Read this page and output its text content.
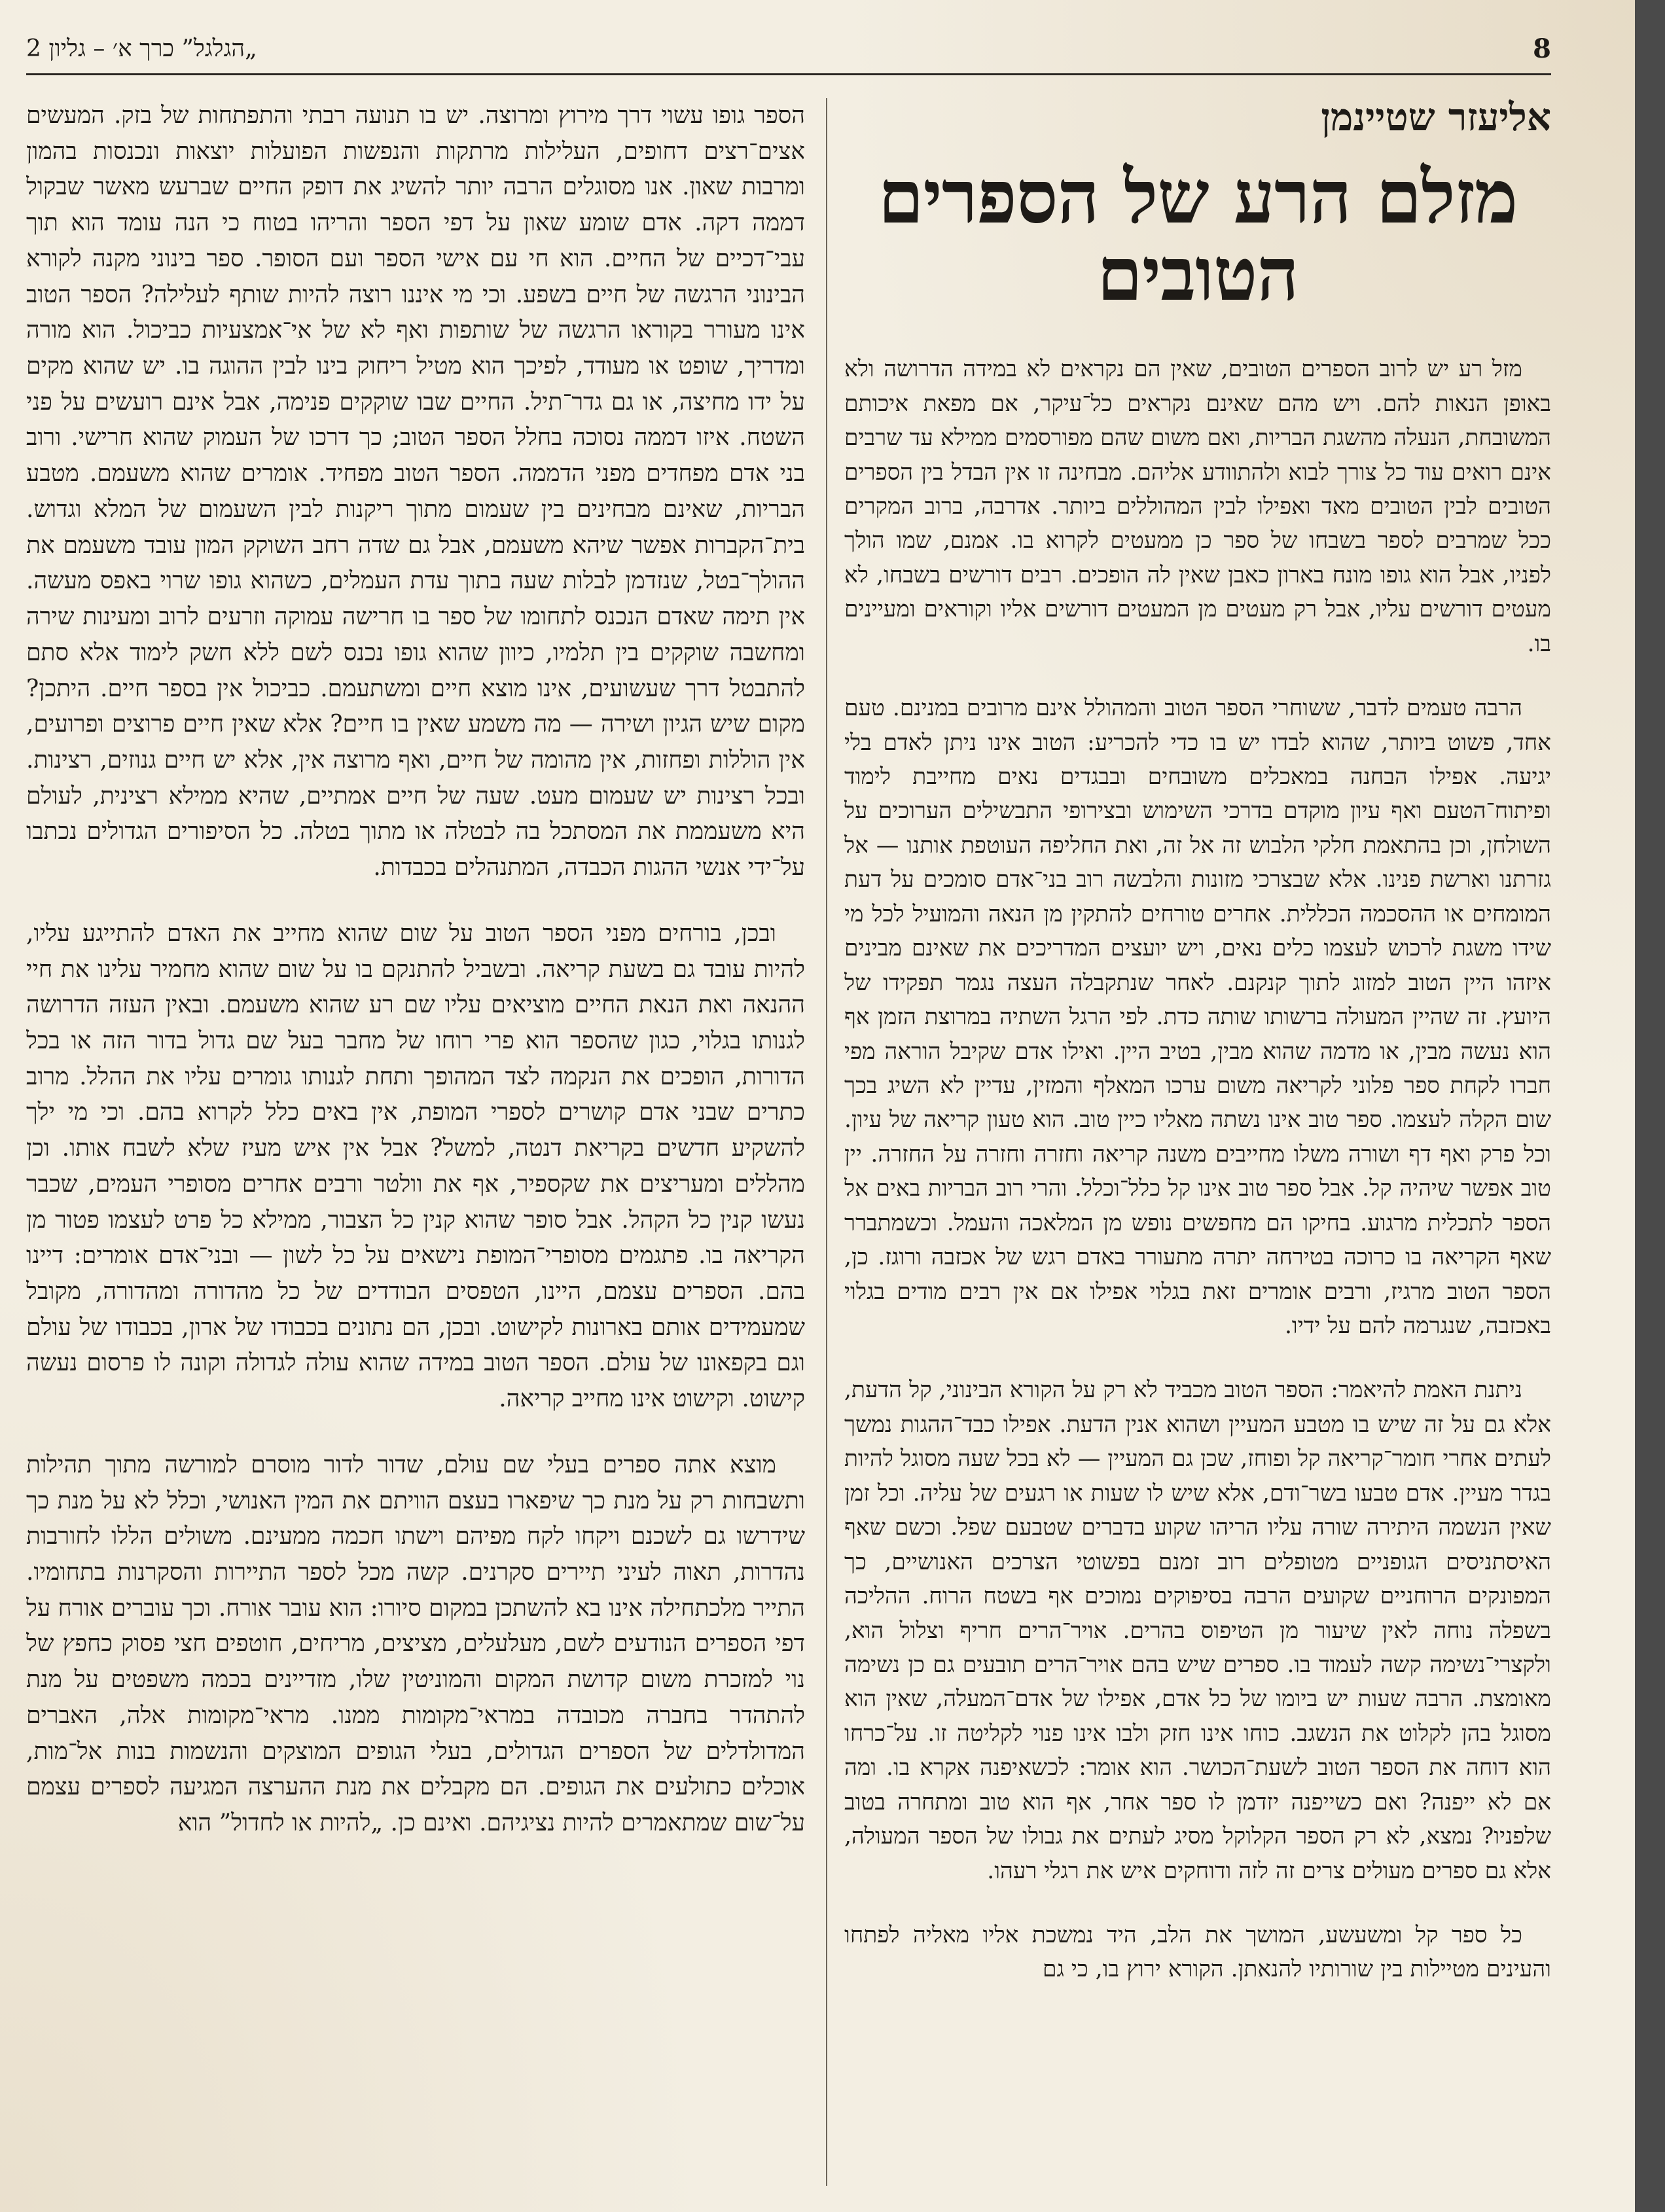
„הגלגל” כרך א׳ – גליון 2	8
אליעזר שטיינמן
מזלם הרע של הספרים הטובים

מזל רע יש לרוב הספרים הטובים, שאין הם נקראים לא במידה הדרושה ולא באופן הנאות להם. ויש מהם שאינם נקראים כל־עיקר, אם מפאת איכותם המשובחת, הנעלה מהשגת הבריות, ואם משום שהם מפורסמים ממילא עד שרבים אינם רואים עוד כל צורך לבוא ולהתוודע אליהם. מבחינה זו אין הבדל בין הספרים הטובים לבין הטובים מאד ואפילו לבין המהוללים ביותר. אדרבה, ברוב המקרים ככל שמרבים לספר בשבחו של ספר כן ממעטים לקרוא בו. אמנם, שמו הולך לפניו, אבל הוא גופו מונח בארון כאבן שאין לה הופכים. רבים דורשים בשבחו, לא מעטים דורשים עליו, אבל רק מעטים מן המעטים דורשים אליו וקוראים ומעיינים בו.

הרבה טעמים לדבר, ששוחרי הספר הטוב והמהולל אינם מרובים במנינם. טעם אחד, פשוט ביותר, שהוא לבדו יש בו כדי להכריע: הטוב אינו ניתן לאדם בלי יגיעה. אפילו הבחנה במאכלים משובחים ובבגדים נאים מחייבת לימוד ופיתוח־הטעם ואף עיון מוקדם בדרכי השימוש ובצירופי התבשילים הערוכים על השולחן, וכן בהתאמת חלקי הלבוש זה אל זה, ואת החליפה העוטפת אותנו — אל גזרתנו וארשת פנינו. אלא שבצרכי מזונות והלבשה רוב בני־אדם סומכים על דעת המומחים או ההסכמה הכללית. אחרים טורחים להתקין מן הנאה והמועיל לכל מי שידו משגת לרכוש לעצמו כלים נאים, ויש יועצים המדריכים את שאינם מבינים איזהו היין הטוב למזוג לתוך קנקנם. לאחר שנתקבלה העצה נגמר תפקידו של היועץ. זה שהיין המעולה ברשותו שותה כדת. לפי הרגל השתיה במרוצת הזמן אף הוא נעשה מבין, או מדמה שהוא מבין, בטיב היין. ואילו אדם שקיבל הוראה מפי חברו לקחת ספר פלוני לקריאה משום ערכו המאלף והמזין, עדיין לא השיג בכך שום הקלה לעצמו. ספר טוב אינו נשתה מאליו כיין טוב. הוא טעון קריאה של עיון. וכל פרק ואף דף ושורה משלו מחייבים משנה קריאה וחזרה וחזרה על החזרה. יין טוב אפשר שיהיה קל. אבל ספר טוב אינו קל כלל־וכלל. והרי רוב הבריות באים אל הספר לתכלית מרגוע. בחיקו הם מחפשים נופש מן המלאכה והעמל. וכשמתברר שאף הקריאה בו כרוכה בטירחה יתרה מתעורר באדם רגש של אכזבה ורוגז. כן, הספר הטוב מרגיז, ורבים אומרים זאת בגלוי אפילו אם אין רבים מודים בגלוי באכזבה, שנגרמה להם על ידיו.

ניתנת האמת להיאמר: הספר הטוב מכביד לא רק על הקורא הבינוני, קל הדעת, אלא גם על זה שיש בו מטבע המעיין ושהוא אנין הדעת. אפילו כבד־ההגות נמשך לעתים אחרי חומר־קריאה קל ופוחז, שכן גם המעיין — לא בכל שעה מסוגל להיות בגדר מעיין. אדם טבעו בשר־ודם, אלא שיש לו שעות או רגעים של עליה. וכל זמן שאין הנשמה היתירה שורה עליו הריהו שקוע בדברים שטבעם שפל. וכשם שאף האיסתניסים הגופניים מטופלים רוב זמנם בפשוטי הצרכים האנושיים, כך המפונקים הרוחניים שקועים הרבה בסיפוקים נמוכים אף בשטח הרוח. ההליכה בשפלה נוחה לאין שיעור מן הטיפוס בהרים. אויר־הרים חריף וצלול הוא, ולקצרי־נשימה קשה לעמוד בו. ספרים שיש בהם אויר־הרים תובעים גם כן נשימה מאומצת. הרבה שעות יש ביומו של כל אדם, אפילו של אדם־המעלה, שאין הוא מסוגל בהן לקלוט את הנשגב. כוחו אינו חזק ולבו אינו פנוי לקליטה זו. על־כרחו הוא דוחה את הספר הטוב לשעת־הכושר. הוא אומר: לכשאיפנה אקרא בו. ומה אם לא ייפנה? ואם כשייפנה יזדמן לו ספר אחר, אף הוא טוב ומתחרה בטוב שלפניו? נמצא, לא רק הספר הקלוקל מסיג לעתים את גבולו של הספר המעולה, אלא גם ספרים מעולים צרים זה לזה ודוחקים איש את רגלי רעהו.

כל ספר קל ומשעשע, המושך את הלב, היד נמשכת אליו מאליה לפתחו והעינים מטיילות בין שורותיו להנאתן. הקורא ירוץ בו, כי גם

הספר גופו עשוי דרך מירוץ ומרוצה. יש בו תנועה רבתי והתפתחות של בזק. המעשים אצים־רצים דחופים, העלילות מרתקות והנפשות הפועלות יוצאות ונכנסות בהמון ומרבות שאון. אנו מסוגלים הרבה יותר להשיג את דופק החיים שברעש מאשר שבקול דממה דקה. אדם שומע שאון על דפי הספר והריהו בטוח כי הנה עומד הוא תוך עבי־דכיים של החיים. הוא חי עם אישי הספר ועם הסופר. ספר בינוני מקנה לקורא הבינוני הרגשה של חיים בשפע. וכי מי איננו רוצה להיות שותף לעלילה? הספר הטוב אינו מעורר בקוראו הרגשה של שותפות ואף לא של אי־אמצעיות כביכול. הוא מורה ומדריך, שופט או מעודד, לפיכך הוא מטיל ריחוק בינו לבין ההוגה בו. יש שהוא מקים על ידו מחיצה, או גם גדר־תיל. החיים שבו שוקקים פנימה, אבל אינם רועשים על פני השטח. איזו דממה נסוכה בחלל הספר הטוב; כך דרכו של העמוק שהוא חרישי. ורוב בני אדם מפחדים מפני הדממה. הספר הטוב מפחיד. אומרים שהוא משעמם. מטבע הבריות, שאינם מבחינים בין שעמום מתוך ריקנות לבין השעמום של המלא וגדוש. בית־הקברות אפשר שיהא משעמם, אבל גם שדה רחב השוקק המון עובד משעמם את ההולך־בטל, שנזדמן לבלות שעה בתוך עדת העמלים, כשהוא גופו שרוי באפס מעשה. אין תימה שאדם הנכנס לתחומו של ספר בו חרישה עמוקה וזרעים לרוב ומעינות שירה ומחשבה שוקקים בין תלמיו, כיוון שהוא גופו נכנס לשם ללא חשק לימוד אלא סתם להתבטל דרך שעשועים, אינו מוצא חיים ומשתעמם. כביכול אין בספר חיים. היתכן? מקום שיש הגיון ושירה — מה משמע שאין בו חיים? אלא שאין חיים פרוצים ופרועים, אין הוללות ופחזות, אין מהומה של חיים, ואף מרוצה אין, אלא יש חיים גנוזים, רצינות. ובכל רצינות יש שעמום מעט. שעה של חיים אמתיים, שהיא ממילא רצינית, לעולם היא משעממת את המסתכל בה לבטלה או מתוך בטלה. כל הסיפורים הגדולים נכתבו על־ידי אנשי ההגות הכבדה, המתנהלים בכבדות.

ובכן, בורחים מפני הספר הטוב על שום שהוא מחייב את האדם להתייגע עליו, להיות עובד גם בשעת קריאה. ובשביל להתנקם בו על שום שהוא מחמיר עלינו את חיי ההנאה ואת הנאת החיים מוציאים עליו שם רע שהוא משעמם. ובאין העזה הדרושה לגנותו בגלוי, כגון שהספר הוא פרי רוחו של מחבר בעל שם גדול בדור הזה או בכל הדורות, הופכים את הנקמה לצד המהופך ותחת לגנותו גומרים עליו את ההלל. מרוב כתרים שבני אדם קושרים לספרי המופת, אין באים כלל לקרוא בהם. וכי מי ילך להשקיע חדשים בקריאת דנטה, למשל? אבל אין איש מעיז שלא לשבח אותו. וכן מהללים ומעריצים את שקספיר, אף את וולטר ורבים אחרים מסופרי העמים, שכבר נעשו קנין כל הקהל. אבל סופר שהוא קנין כל הצבור, ממילא כל פרט לעצמו פטור מן הקריאה בו. פתגמים מסופרי־המופת נישאים על כל לשון — ובני־אדם אומרים: דיינו בהם. הספרים עצמם, היינו, הטפסים הבודדים של כל מהדורה ומהדורה, מקובל שמעמידים אותם בארונות לקישוט. ובכן, הם נתונים בכבודו של ארון, בכבודו של עולם וגם בקפאונו של עולם. הספר הטוב במידה שהוא עולה לגדולה וקונה לו פרסום נעשה קישוט. וקישוט אינו מחייב קריאה.

מוצא אתה ספרים בעלי שם עולם, שדור לדור מוסרם למורשה מתוך תהילות ותשבחות רק על מנת כך שיפארו בעצם הוויתם את המין האנושי, וכלל לא על מנת כך שידרשו גם לשכנם ויקחו לקח מפיהם וישתו חכמה ממעינם. משולים הללו לחורבות נהדרות, תאוה לעיני תיירים סקרנים. קשה מכל לספר התיירות והסקרנות בתחומיו. התייר מלכתחילה אינו בא להשתכן במקום סיורו: הוא עובר אורח. וכך עוברים אורח על דפי הספרים הנודעים לשם, מעלעלים, מציצים, מריחים, חוטפים חצי פסוק כחפץ של נוי למזכרת משום קדושת המקום והמוניטין שלו, מזדיינים בכמה משפטים על מנת להתהדר בחברה מכובדה במראי־מקומות ממנו. מראי־מקומות אלה, האברים המדולדלים של הספרים הגדולים, בעלי הגופים המוצקים והנשמות בנות אל־מות, אוכלים כתולעים את הגופים. הם מקבלים את מנת ההערצה המגיעה לספרים עצמם על־שום שמתאמרים להיות נציגיהם. ואינם כן. „להיות או לחדול” הוא
